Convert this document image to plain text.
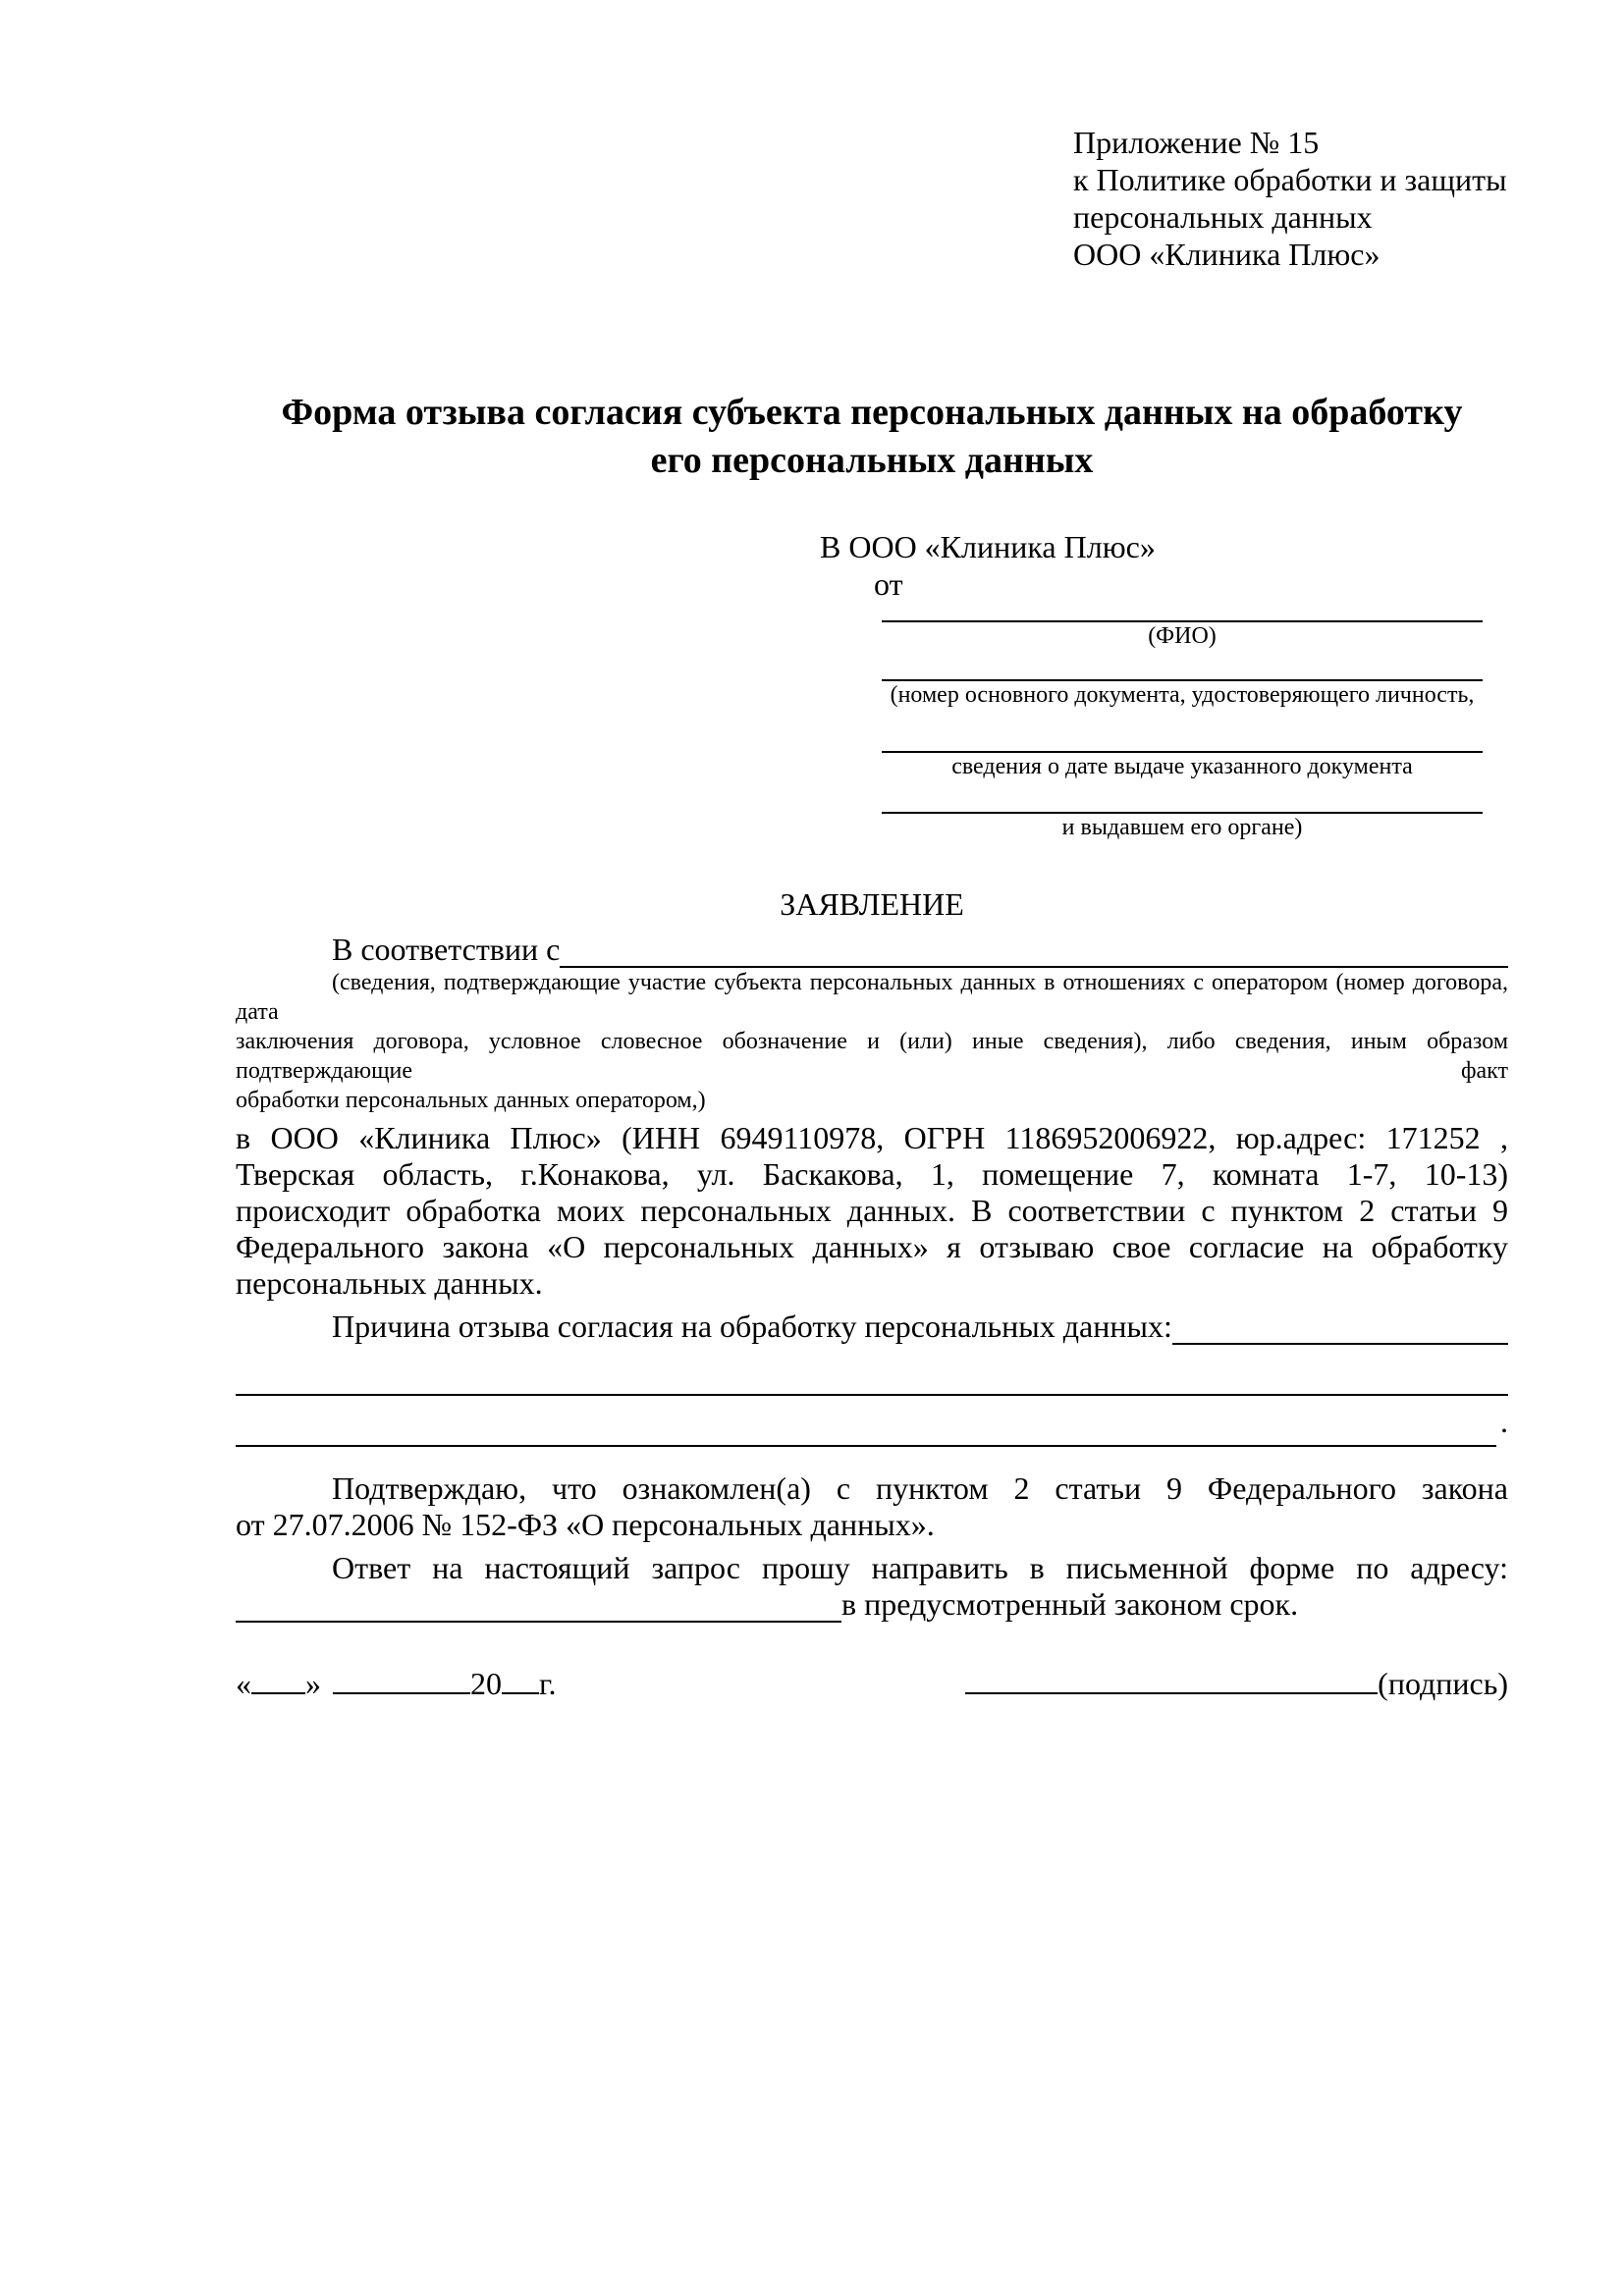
Приложение № 15
к Политике обработки и защиты
персональных данных
ООО «Клиника Плюс»
Форма отзыва согласия субъекта персональных данных на обработку
его персональных данных
В ООО «Клиника Плюс»
от
(ФИО)
(номер основного документа, удостоверяющего личность,
сведения о дате выдаче указанного документа
и выдавшем его органе)
ЗАЯВЛЕНИЕ
В соответствии с
(сведения, подтверждающие участие субъекта персональных данных в отношениях с оператором (номер договора, дата
заключения договора, условное словесное обозначение и (или) иные сведения), либо сведения, иным образом подтверждающие факт
обработки персональных данных оператором,)
в ООО «Клиника Плюс» (ИНН 6949110978, ОГРН 1186952006922, юр.адрес: 171252 ,
Тверская область, г.Конакова, ул. Баскакова, 1, помещение 7, комната 1-7, 10-13)
происходит обработка моих персональных данных. В соответствии с пунктом 2 статьи 9
Федерального закона «О персональных данных» я отзываю свое согласие на обработку
персональных данных.
Причина отзыва согласия на обработку персональных данных:
.
Подтверждаю, что ознакомлен(а) с пунктом 2 статьи 9 Федерального закона
от 27.07.2006 № 152-ФЗ «О персональных данных».
Ответ на настоящий запрос прошу направить в письменной форме по адресу:
в предусмотренный законом срок.
« »	20 г.	(подпись)
